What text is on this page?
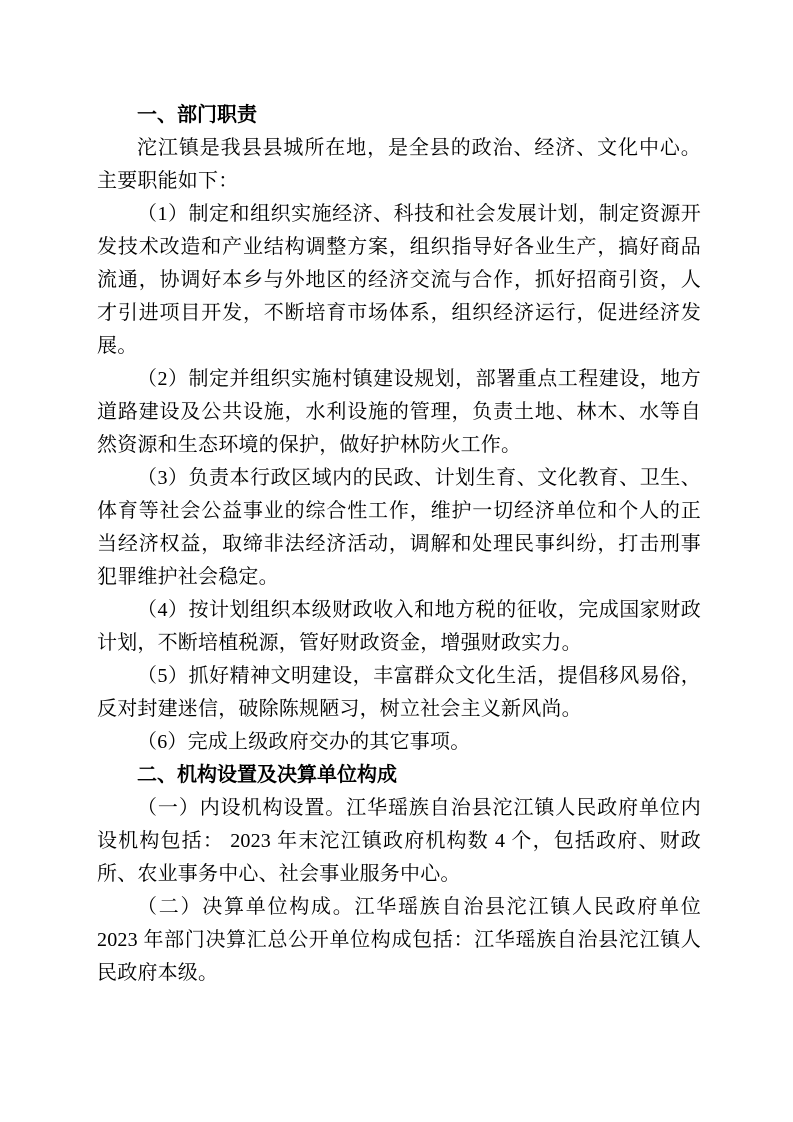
一、部门职责

沱江镇是我县县城所在地，是全县的政治、经济、文化中心。主要职能如下：

（1）制定和组织实施经济、科技和社会发展计划，制定资源开发技术改造和产业结构调整方案，组织指导好各业生产，搞好商品流通，协调好本乡与外地区的经济交流与合作，抓好招商引资，人才引进项目开发，不断培育市场体系，组织经济运行，促进经济发展。

（2）制定并组织实施村镇建设规划，部署重点工程建设，地方道路建设及公共设施，水利设施的管理，负责土地、林木、水等自然资源和生态环境的保护，做好护林防火工作。

（3）负责本行政区域内的民政、计划生育、文化教育、卫生、体育等社会公益事业的综合性工作，维护一切经济单位和个人的正当经济权益，取缔非法经济活动，调解和处理民事纠纷，打击刑事犯罪维护社会稳定。

（4）按计划组织本级财政收入和地方税的征收，完成国家财政计划，不断培植税源，管好财政资金，增强财政实力。

（5）抓好精神文明建设，丰富群众文化生活，提倡移风易俗，反对封建迷信，破除陈规陋习，树立社会主义新风尚。

（6）完成上级政府交办的其它事项。

二、机构设置及决算单位构成

（一）内设机构设置。江华瑶族自治县沱江镇人民政府单位内设机构包括： 2023 年末沱江镇政府机构数 4 个，包括政府、财政所、农业事务中心、社会事业服务中心。

（二）决算单位构成。江华瑶族自治县沱江镇人民政府单位 2023 年部门决算汇总公开单位构成包括：江华瑶族自治县沱江镇人民政府本级。
